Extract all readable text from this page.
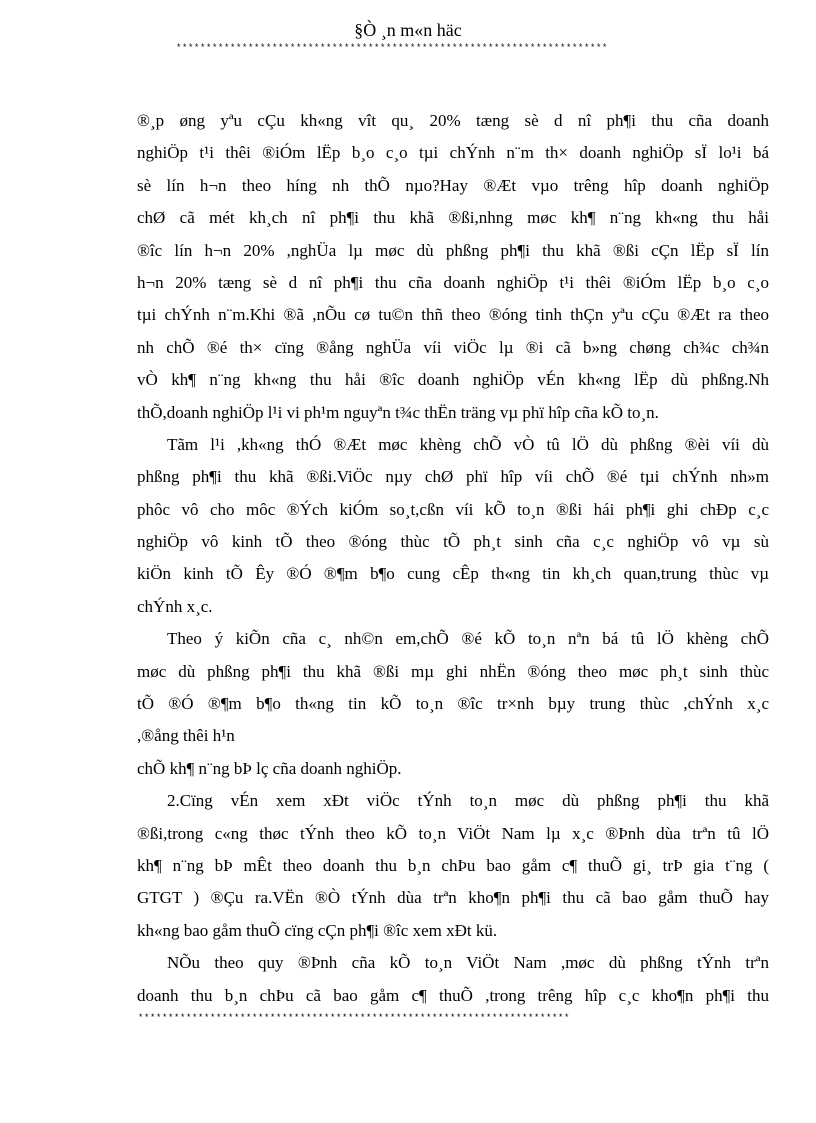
§Ò ¸n m«n häc
************************************************************************
®¸p øng yªu cÇu kh«ng vît qu¸ 20% tæng sè d nî ph¶i thu cña doanh
nghiÖp t¹i thêi ®iÓm lËp b¸o c¸o tµi chÝnh n¨m th× doanh nghiÖp sÏ lo¹i bá
sè lín h¬n theo híng nh thÕ nµo?Hay ®Æt vµo trêng hîp doanh nghiÖp
chØ cã mét kh¸ch nî ph¶i thu khã ®ßi,nhng møc kh¶ n¨ng kh«ng thu håi
®îc lín h¬n 20% ,nghÜa lµ møc dù phßng ph¶i thu khã ®ßi cÇn lËp sÏ lín
h¬n 20% tæng sè d nî ph¶i thu cña doanh nghiÖp t¹i thêi ®iÓm lËp b¸o c¸o
tµi chÝnh n¨m.Khi ®ã ,nÕu cø tu©n thñ theo ®óng tinh thÇn yªu cÇu ®Æt ra theo
nh chÕ ®é th× cïng ®ång nghÜa víi viÖc lµ ®i cã b»ng chøng ch¾c ch¾n
vÒ kh¶ n¨ng kh«ng thu håi ®îc doanh nghiÖp vÉn kh«ng lËp dù phßng.Nh
thÕ,doanh nghiÖp l¹i vi ph¹m nguyªn t¾c thËn träng vµ phï hîp cña kÕ to¸n.
Tãm l¹i ,kh«ng thÓ ®Æt møc khèng chÕ vÒ tû lÖ dù phßng ®èi víi dù
phßng ph¶i thu khã ®ßi.ViÖc nµy chØ phï hîp víi chÕ ®é tµi chÝnh nh»m
phôc vô cho môc ®Ých kiÓm so¸t,cßn víi kÕ to¸n ®ßi hái ph¶i ghi chÐp c¸c
nghiÖp vô kinh tÕ theo ®óng thùc tÕ ph¸t sinh cña c¸c nghiÖp vô vµ sù
kiÖn kinh tÕ Êy ®Ó ®¶m b¶o cung cÊp th«ng tin kh¸ch quan,trung thùc vµ
chÝnh x¸c.
Theo ý kiÕn cña c¸ nh©n em,chÕ ®é kÕ to¸n nªn bá tû lÖ khèng chÕ
møc dù phßng ph¶i thu khã ®ßi mµ ghi nhËn ®óng theo møc ph¸t sinh thùc
tÕ ®Ó ®¶m b¶o th«ng tin kÕ to¸n ®îc tr×nh bµy trung thùc ,chÝnh x¸c
,®ång thêi h¹n
chÕ kh¶ n¨ng bÞ lç cña doanh nghiÖp.
2.Cïng vÉn xem xÐt viÖc tÝnh to¸n møc dù phßng ph¶i thu khã
®ßi,trong c«ng thøc tÝnh theo kÕ to¸n ViÖt Nam lµ x¸c ®Þnh dùa trªn tû lÖ
kh¶ n¨ng bÞ mÊt theo doanh thu b¸n chÞu bao gåm c¶ thuÕ gi¸ trÞ gia t¨ng (
GTGT ) ®Çu ra.VËn ®Ò tÝnh dùa trªn kho¶n ph¶i thu cã bao gåm thuÕ hay
kh«ng bao gåm thuÕ cïng cÇn ph¶i ®îc xem xÐt kü.
NÕu theo quy ®Þnh cña kÕ to¸n ViÖt Nam ,møc dù phßng tÝnh trªn
doanh thu b¸n chÞu cã bao gåm c¶ thuÕ ,trong trêng hîp c¸c kho¶n ph¶i thu
************************************************************************
